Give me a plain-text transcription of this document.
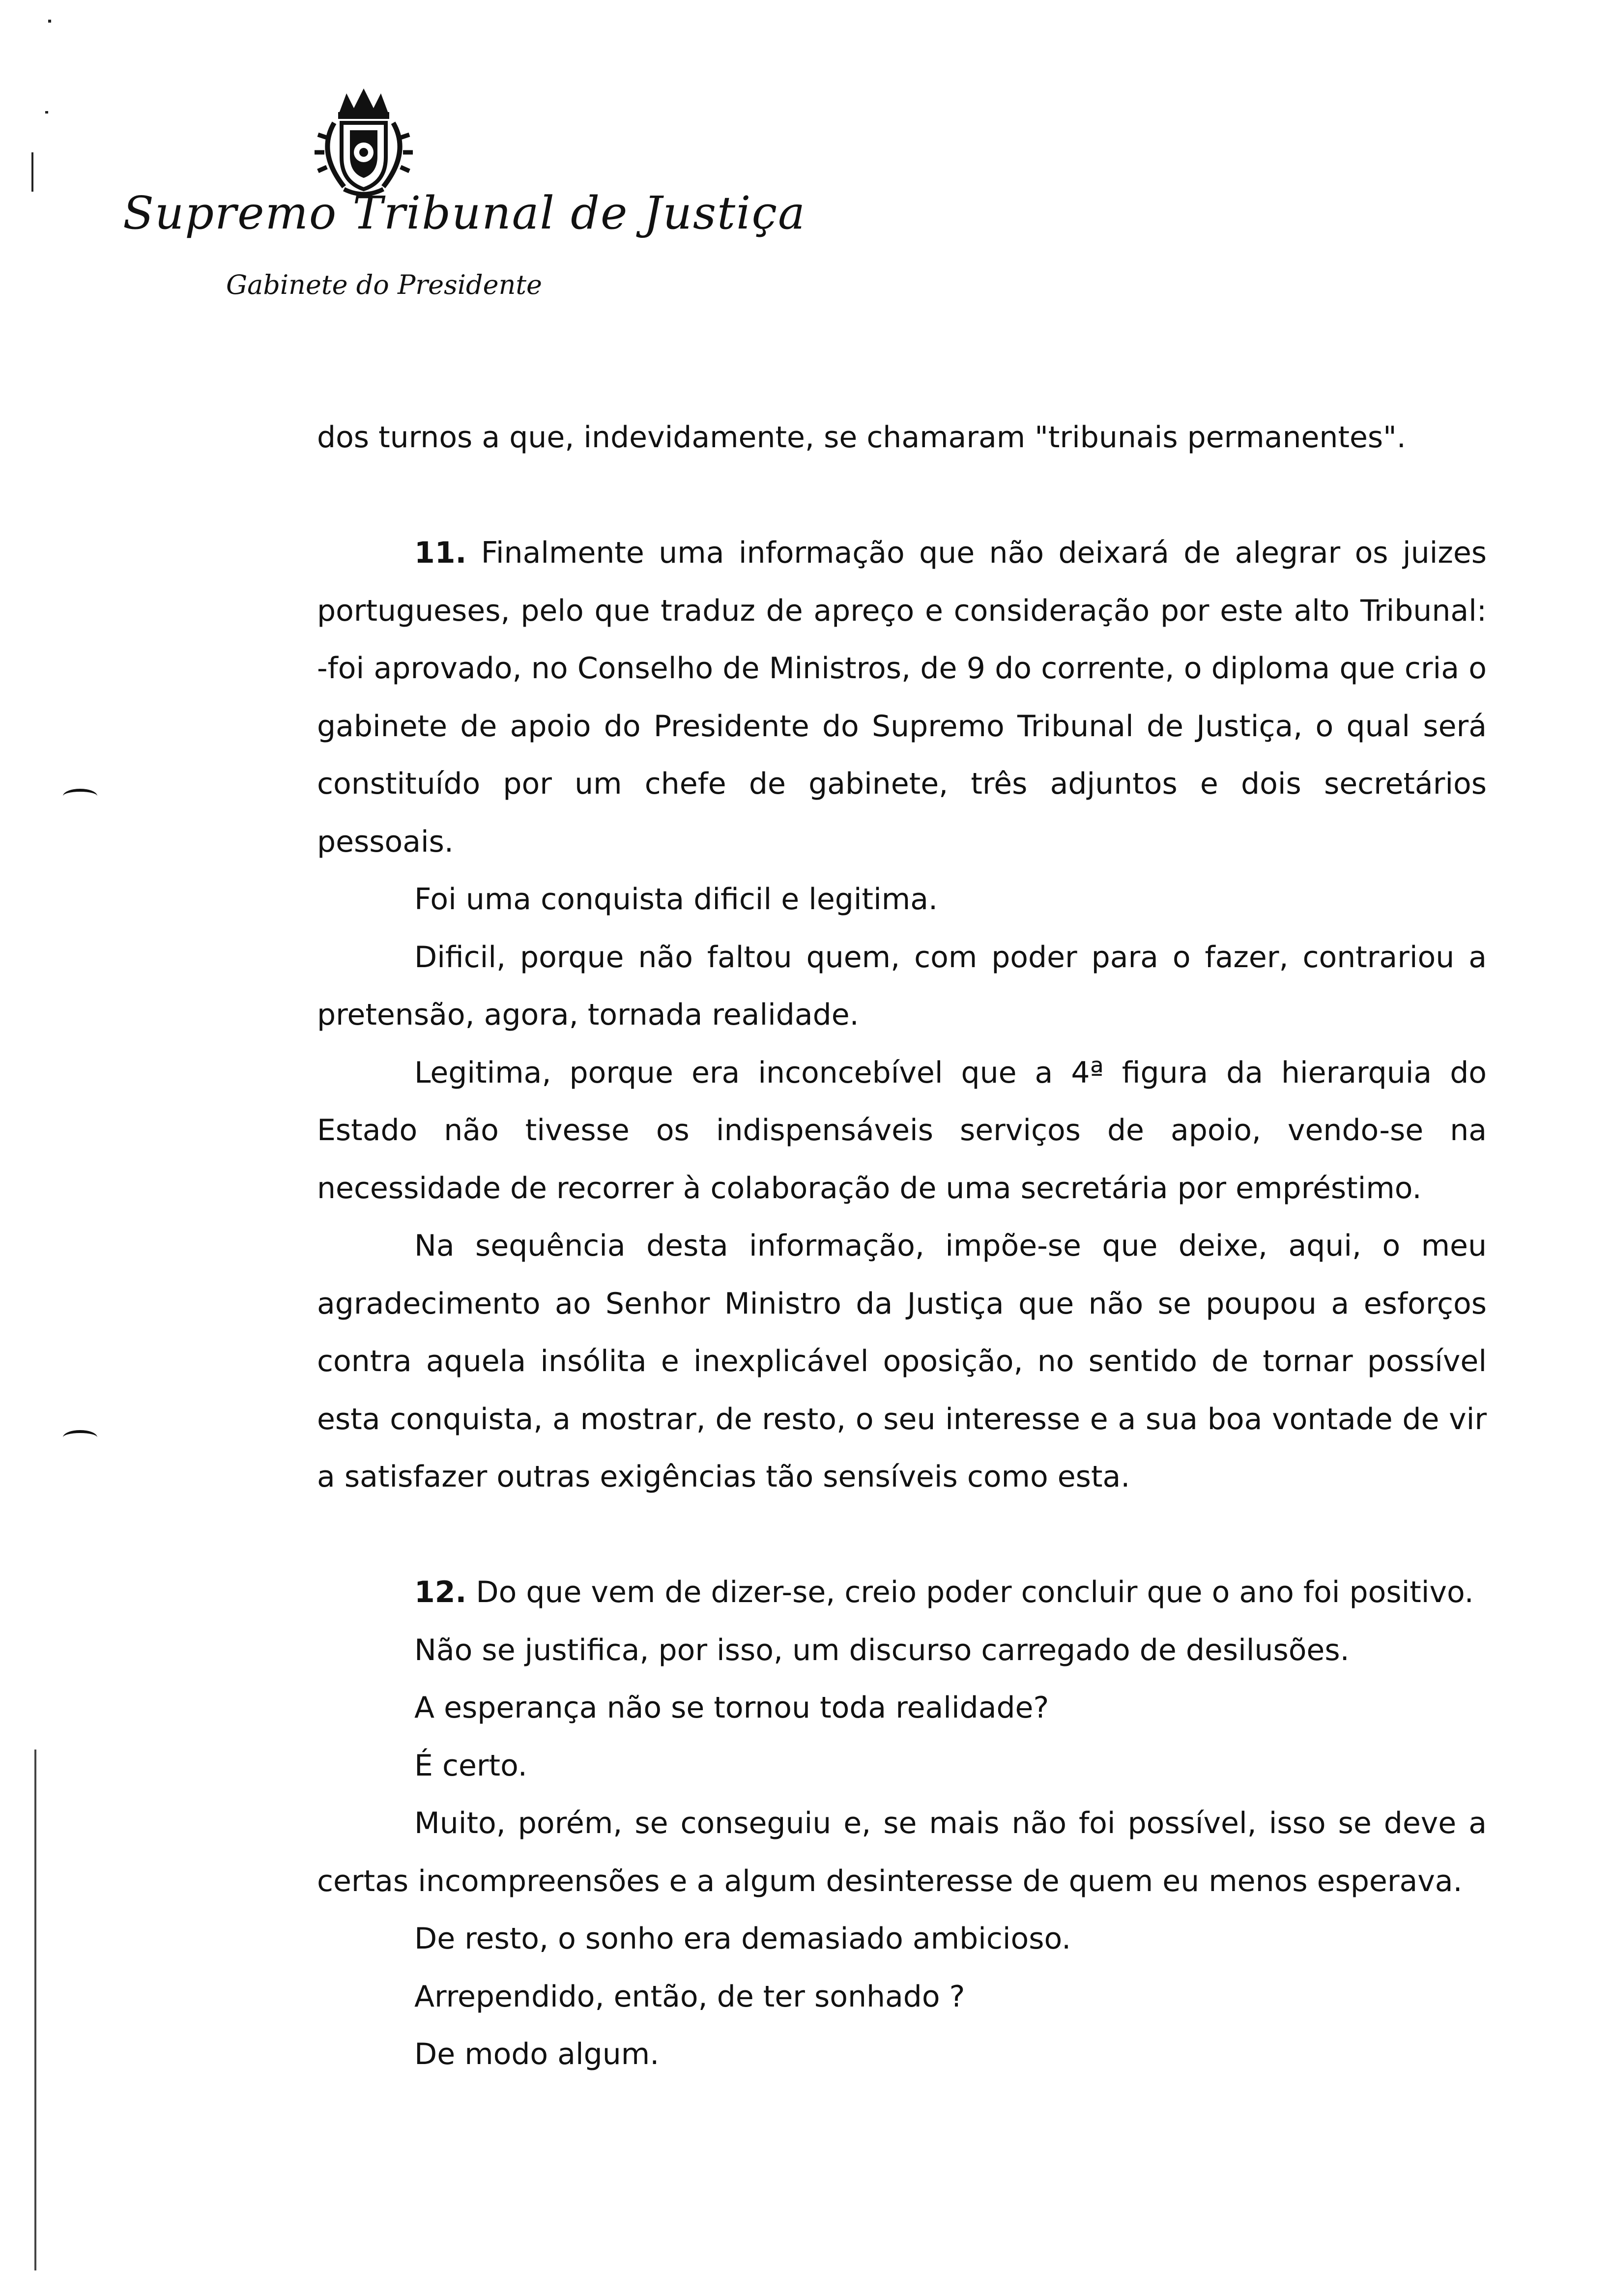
Supremo Tribunal de Justiça
Gabinete do Presidente

dos turnos a que, indevidamente, se chamaram "tribunais permanentes".

11. Finalmente uma informação que não deixará de alegrar os juizes portugueses, pelo que traduz de apreço e consideração por este alto Tribunal: -foi aprovado, no Conselho de Ministros, de 9 do corrente, o diploma que cria o gabinete de apoio do Presidente do Supremo Tribunal de Justiça, o qual será constituído por um chefe de gabinete, três adjuntos e dois secretários pessoais.

Foi uma conquista dificil e legitima.

Dificil, porque não faltou quem, com poder para o fazer, contrariou a pretensão, agora, tornada realidade.

Legitima, porque era inconcebível que a 4ª figura da hierarquia do Estado não tivesse os indispensáveis serviços de apoio, vendo-se na necessidade de recorrer à colaboração de uma secretária por empréstimo.

Na sequência desta informação, impõe-se que deixe, aqui, o meu agradecimento ao Senhor Ministro da Justiça que não se poupou a esforços contra aquela insólita e inexplicável oposição, no sentido de tornar possível esta conquista, a mostrar, de resto, o seu interesse e a sua boa vontade de vir a satisfazer outras exigências tão sensíveis como esta.

12. Do que vem de dizer-se, creio poder concluir que o ano foi positivo.

Não se justifica, por isso, um discurso carregado de desilusões.

A esperança não se tornou toda realidade?

É certo.

Muito, porém, se conseguiu e, se mais não foi possível, isso se deve a certas incompreensões e a algum desinteresse de quem eu menos esperava.

De resto, o sonho era demasiado ambicioso.

Arrependido, então, de ter sonhado ?

De modo algum.
